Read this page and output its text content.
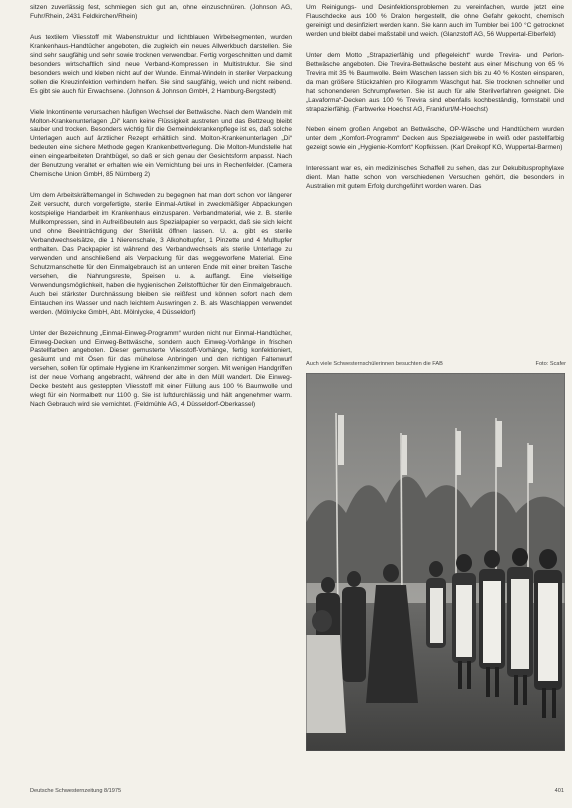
sitzen zuverlässig fest, schmiegen sich gut an, ohne einzuschnüren. (Johnson AG, Fuhr/Rhein, 2431 Feldkirchen/Rhein)

Aus textilem Vliesstoff mit Wabenstruktur und lichtblauen Wirbelsegmenten, wurden Krankenhaus-Handtücher angeboten, die zugleich ein neues Allwerkbuch darstellen. Sie sind sehr saugfähig und sehr sowie trocknen verwendbar. Fertig vorgeschnitten und damit besonders wirtschaftlich sind neue Verband-Kompressen in Multistruktur. Sie sind besonders weich und kleben nicht auf der Wunde. Einmal-Windeln in steriler Verpackung sollen die Kreuzinfektion verhindern helfen. Sie sind saugfähig, weich und nicht reibend. Es gibt sie auch für Erwachsene. (Johnson & Johnson GmbH, 2 Hamburg-Bergstedt)

Viele Inkontinente verursachen häufigen Wechsel der Bettwäsche. Nach dem Wandeln mit Molton-Krankenunterlagen „Di“ kann keine Flüssigkeit austreten und das Bettzeug bleibt sauber und trocken. Besonders wichtig für die Gemeindekrankenpflege ist es, daß solche Unterlagen auch auf ärztlicher Rezept erhältlich sind. Molton-Krankenunterlagen „Di“ bedeuten eine sichere Methode gegen Krankenbettverlegung. Die Molton-Mundstelle hat einen eingearbeiteten Drahtbügel, so daß er sich genau der Gesichtsform anpasst. Nach der Benutzung veraltet er erhalten wie ein Vernichtung bei uns in Rechenfelder. (Camera Chemische Union GmbH, 85 Nürnberg 2)

Um dem Arbeitskräftemangel in Schweden zu begegnen hat man dort schon vor längerer Zeit versucht, durch vorgefertigte, sterile Einmal-Artikel in zweckmäßiger Abpackungen kostspielige Handarbeit im Krankenhaus einzusparen. Verbandmaterial, wie z. B. sterile Mullkompressen, sind in Aufreißbeuteln aus Spezialpapier so verpackt, daß sie sich leicht und ohne Beeinträchtigung der Sterilität öffnen lassen. U. a. gibt es sterile Verbandwechselsätze, die 1 Nierenschale, 3 Alkoholtupfer, 1 Pinzette und 4 Mulltupfer enthalten. Das Packpapier ist während des Verbandwechsels als sterile Unterlage zu verwenden und anschließend als Verpackung für das weggeworfene Material. Eine Schutzmanschette für den Einmalgebrauch ist an unteren Ende mit einer breiten Tasche versehen, die Nahrungsreste, Speisen u. a. auffangt. Eine vielseitige Verwendungsmöglichkeit, haben die hygienischen Zellstofftücher für den Einmalgebrauch. Auch bei stärkster Durchnässung bleiben sie reißfest und können sofort nach dem Eintauchen ins Wasser und nach leichtem Auswringen z. B. als Waschlappen verwendet werden. (Mölnlycke GmbH, Abt. Mölnlycke, 4 Düsseldorf)

Unter der Bezeichnung „Einmal-Einweg-Programm“ wurden nicht nur Einmal-Handtücher, Einweg-Decken und Einweg-Bettwäsche, sondern auch Einweg-Vorhänge in frischen Pastellfarben angeboten. Dieser gemusterte Vliesstoff-Vorhänge, fertig konfektioniert, gesäumt und mit Ösen für das mühelose Anbringen und den richtigen Faltenwurf versehen, sollen für optimale Hygiene im Krankenzimmer sorgen. Mit wenigen Handgriffen ist der neue Vorhang angebracht, während der alte in den Müll wandert. Die Einweg-Decke besteht aus gesteppten Vliesstoff mit einer Füllung aus 100 % Baumwolle und wiegt für ein Normalbett nur 1100 g. Sie ist luftdurchlässig und hält angenehmer warm. Nach Gebrauch wird sie vernichtet. (Feldmühle AG, 4 Düsseldorf-Oberkassel)

Um Reinigungs- und Desinfektionsproblemen zu vereinfachen, wurde jetzt eine Flauschdecke aus 100 % Dralon hergestellt, die ohne Gefahr gekocht, chemisch gereinigt und desinfiziert werden kann. Sie kann auch im Tumbler bei 100 °C getrocknet werden und bleibt dabei maßstabil und weich. (Glanzstoff AG, 56 Wuppertal-Elberfeld)

Unter dem Motto „Strapazierfähig und pflegeleicht“ wurde Trevira- und Perlon-Bettwäsche angeboten. Die Trevira-Bettwäsche besteht aus einer Mischung von 65 % Trevira mit 35 % Baumwolle. Beim Waschen lassen sich bis zu 40 % Kosten einsparen, da man größere Stückzahlen pro Kilogramm Waschgut hat. Sie trocknen schneller und hat schonenderen Schrumpfwerten. Sie ist auch für alle Sterilverfahren geeignet. Die „Lavaforma“-Decken aus 100 % Trevira sind ebenfalls kochbeständig, formstabil und strapazierfähig. (Farbwerke Hoechst AG, Frankfurt/M-Hoechst)

Neben einem großen Angebot an Bettwäsche, OP-Wäsche und Handtüchern wurden unter dem „Komfort-Programm“ Decken aus Spezialgewebe in weiß oder pastellfarbig gezeigt sowie ein „Hygienie-Komfort“ Kopfkissen. (Karl Dreikopf KG, Wuppertal-Barmen)

Interessant war es, ein medizinisches Schaffell zu sehen, das zur Dekubitusprophylaxe dient. Man hatte schon von verschiedenen Versuchen gehört, die besonders in Australien mit gutem Erfolg durchgeführt worden waren. Das

Auch viele Schwesternschülerinnen besuchten die FAB	Foto: Scafer
Deutsche Schwesternzeitung 8/1975	401
